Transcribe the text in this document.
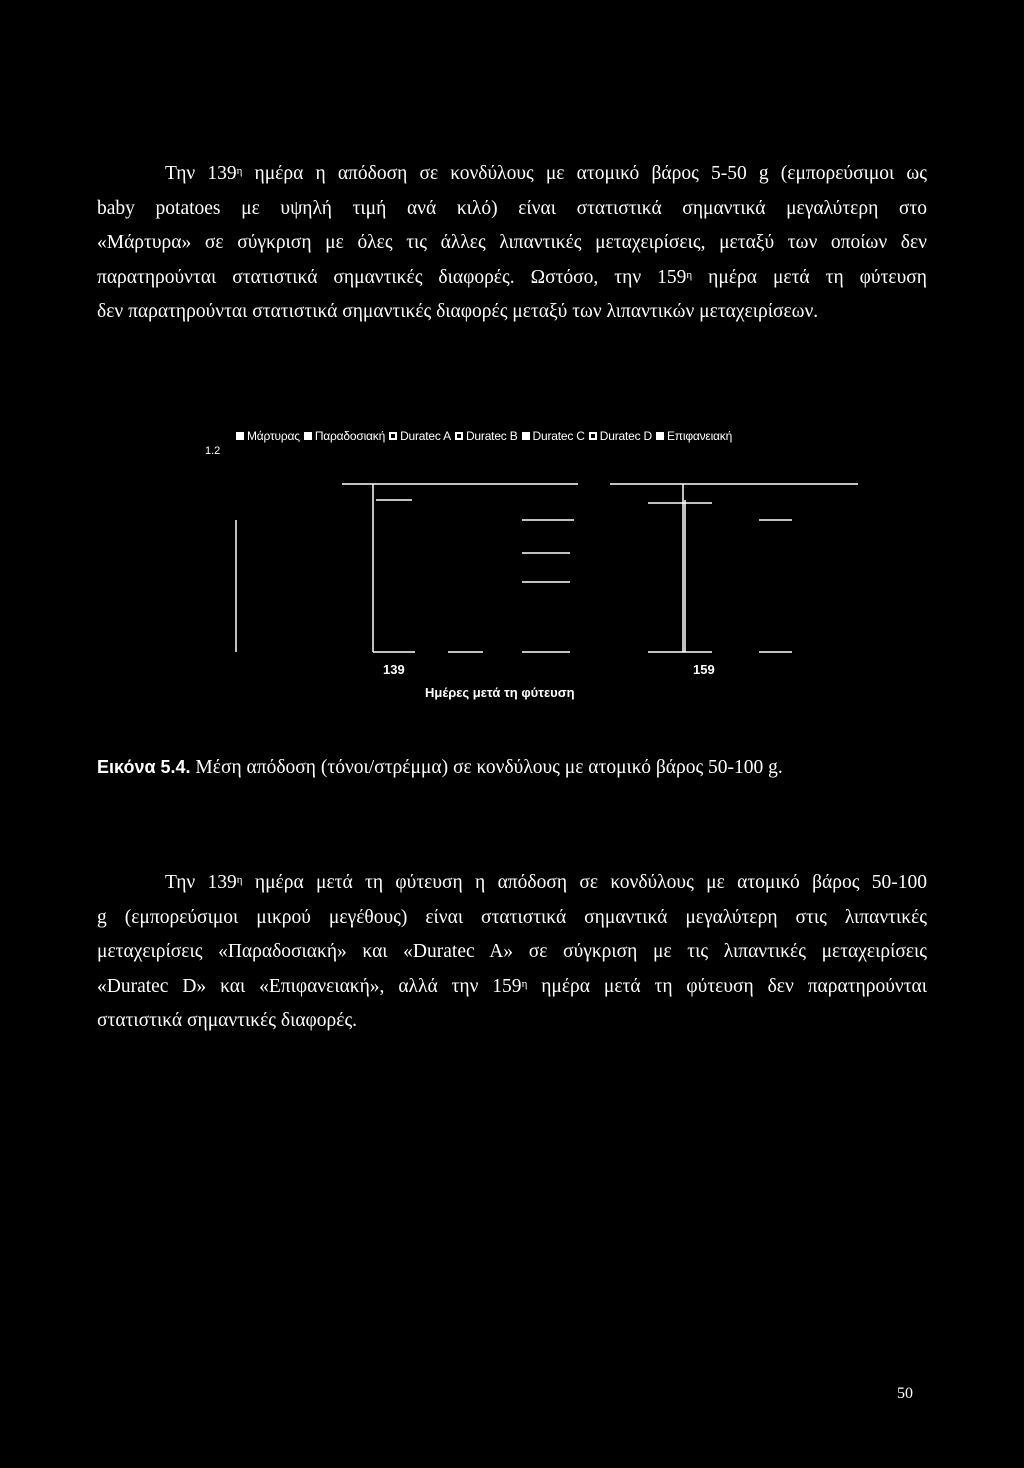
Την $139^\eta$ ημέρα η απόδοση σε κονδύλους με ατομικό βάρος 5-50 g (εμπορεύσιμοι ως
baby potatoes με υψηλή τιμή ανά κιλό) είναι στατιστικά σημαντικά μεγαλύτερη στο
«Μάρτυρα» σε σύγκριση με όλες τις άλλες λιπαντικές μεταχειρίσεις, μεταξύ των οποίων δεν
παρατηρούνται στατιστικά σημαντικές διαφορές. Ωστόσο, την $159^\eta$ ημέρα μετά τη φύτευση
δεν παρατηρούνται στατιστικά σημαντικές διαφορές μεταξύ των λιπαντικών μεταχειρίσεων.
Μάρτυρας Παραδοσιακή Duratec A Duratec B Duratec C Duratec D Επιφανειακή
1.2
139	159
Ημέρες μετά τη φύτευση
Εικόνα 5.4. Μέση απόδοση (τόνοι/στρέμμα) σε κονδύλους με ατομικό βάρος 50-100 g.
Την $139^\eta$ ημέρα μετά τη φύτευση η απόδοση σε κονδύλους με ατομικό βάρος 50-100
g (εμπορεύσιμοι μικρού μεγέθους) είναι στατιστικά σημαντικά μεγαλύτερη στις λιπαντικές
μεταχειρίσεις «Παραδοσιακή» και «Duratec A» σε σύγκριση με τις λιπαντικές μεταχειρίσεις
«Duratec D» και «Επιφανειακή», αλλά την $159^\eta$ ημέρα μετά τη φύτευση δεν παρατηρούνται
στατιστικά σημαντικές διαφορές.
50
